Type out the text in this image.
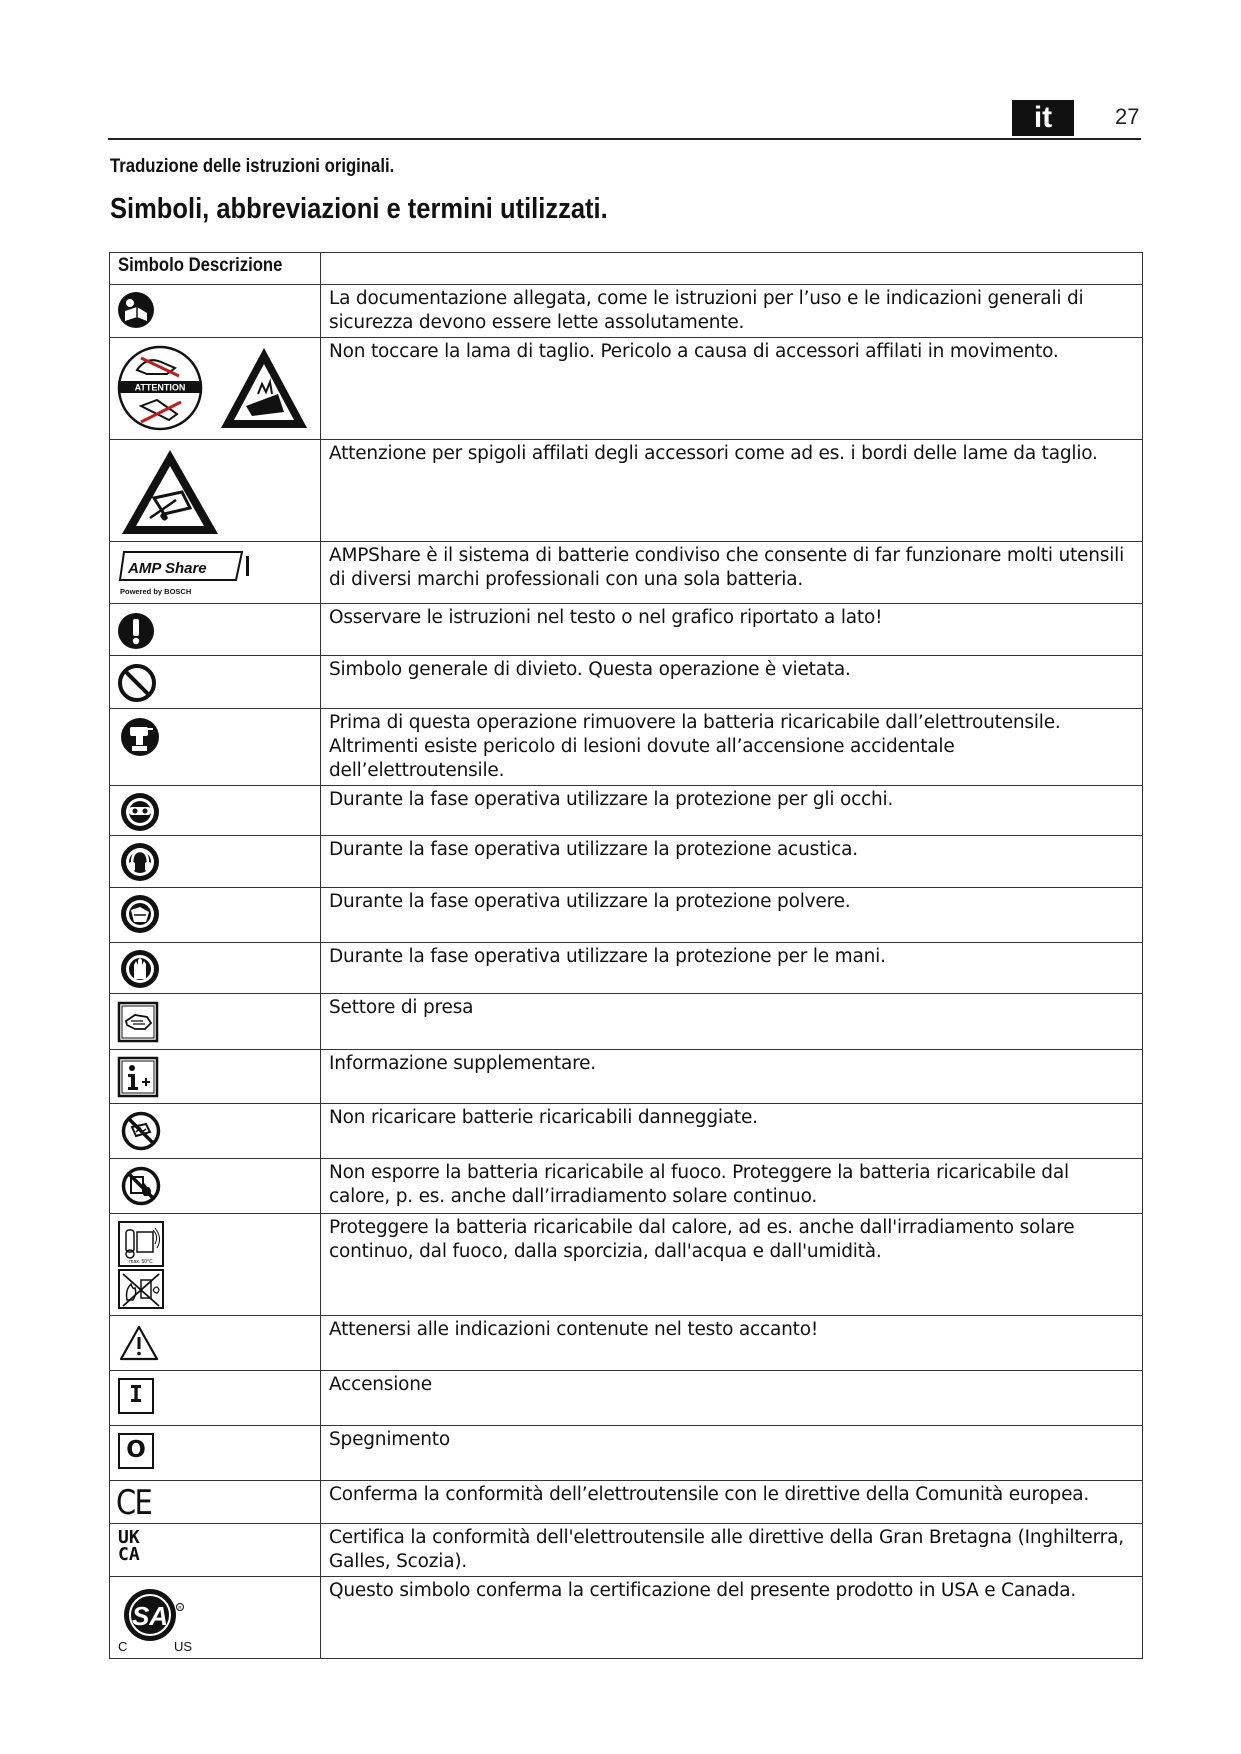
it	27
Traduzione delle istruzioni originali.
Simboli, abbreviazioni e termini utilizzati.
Simbolo Descrizione	

	La documentazione allegata, come le istruzioni per l’uso e le indicazioni generali di sicurezza devono essere lette assolutamente.

ATTENTION	Non toccare la lama di taglio. Pericolo a causa di accessori affilati in movimento.

	Attenzione per spigoli affilati degli accessori come ad es. i bordi delle lame da taglio.

AMP Share
Powered by BOSCH	AMPShare è il sistema di batterie condiviso che consente di far funzionare molti utensili di diversi marchi professionali con una sola batteria.

	Osservare le istruzioni nel testo o nel grafico riportato a lato!

	Simbolo generale di divieto. Questa operazione è vietata.

	Prima di questa operazione rimuovere la batteria ricaricabile dall’elettroutensile. Altrimenti esiste pericolo di lesioni dovute all’accensione accidentale dell’elettroutensile.

	Durante la fase operativa utilizzare la protezione per gli occhi.

	Durante la fase operativa utilizzare la protezione acustica.

	Durante la fase operativa utilizzare la protezione polvere.

	Durante la fase operativa utilizzare la protezione per le mani.

	Settore di presa

	Informazione supplementare.

	Non ricaricare batterie ricaricabili danneggiate.

	Non esporre la batteria ricaricabile al fuoco. Proteggere la batteria ricaricabile dal calore, p. es. anche dall’irradiamento solare continuo.

max. 50°C	Proteggere la batteria ricaricabile dal calore, ad es. anche dall'irradiamento solare continuo, dal fuoco, dalla sporcizia, dall'acqua e dall'umidità.

	Attenersi alle indicazioni contenute nel testo accanto!

I	Accensione

O	Spegnimento

CE	Conferma la conformità dell’elettroutensile con le direttive della Comunità europea.

UK
CA	Certifica la conformità dell'elettroutensile alle direttive della Gran Bretagna (Inghilterra, Galles, Scozia).

SA R
C US	Questo simbolo conferma la certificazione del presente prodotto in USA e Canada.
